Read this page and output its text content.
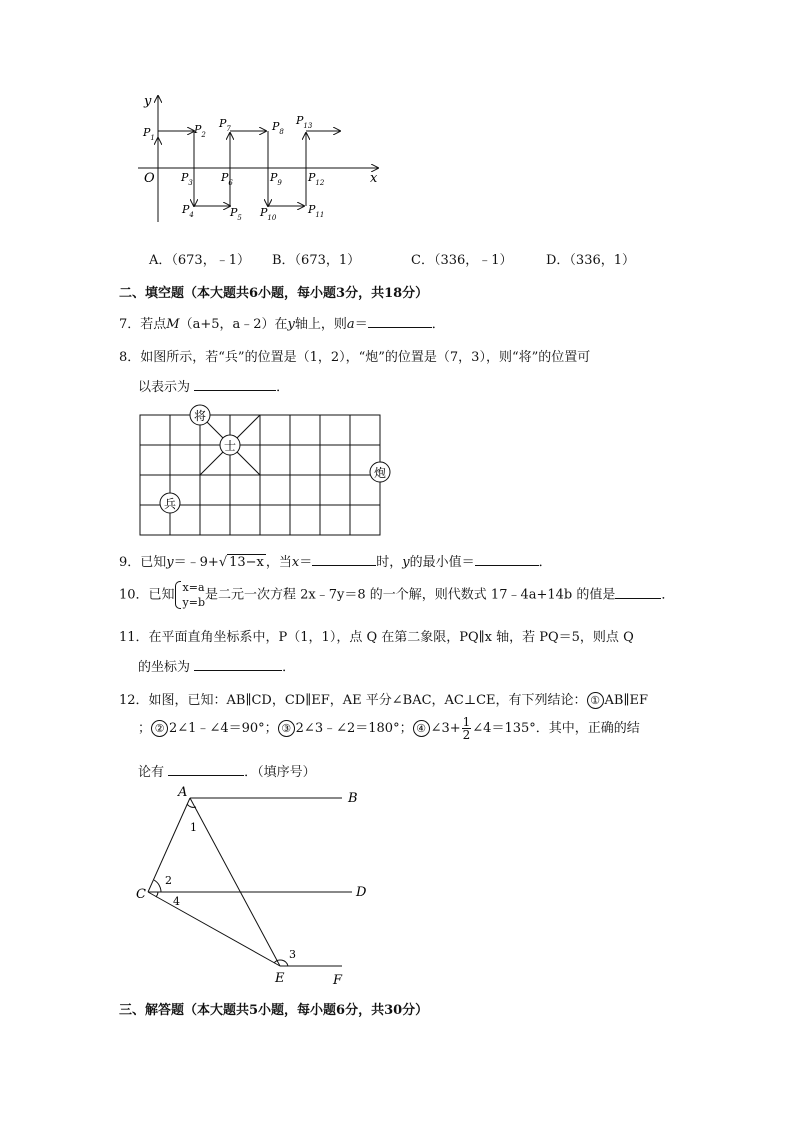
y
x
O
$P_1$
$P_2$
$P_3$
$P_4$	$P_5$
$P_6$
$P_7$	$P_8$
$P_9$
$P_{10}$
$P_{11}$
$P_{12}$
$P_{13}$
A．（673，﹣1） B．（673，1）	C．（336，﹣1）	D．（336，1）
二、填空题（本大题共6小题，每小题3分，共18分）
7．若点M（a+5，a﹣2）在y轴上，则a＝	．
8．如图所示，若“兵”的位置是（1，2），“炮”的位置是（7，3），则“将”的位置可
以表示为	．
将
士
炮
兵
9．已知y＝﹣9+√ 13−x ，当x＝	时，y的最小值＝	．
10．已知 x=a
y=b 是二元一次方程 2x﹣7y＝8 的一个解，则代数式 17﹣4a+14b 的值是	．
11．在平面直角坐标系中，P（1，1），点 Q 在第二象限，PQ∥x 轴，若 PQ＝5，则点 Q
的坐标为	．
12．如图，已知：AB∥CD，CD∥EF，AE 平分∠BAC，AC⊥CE，有下列结论： ① AB∥EF
； ② 2∠1﹣∠4＝90°； ③ 2∠3﹣∠2＝180°； ④ ∠3+ $\frac{1}{2}$ ∠4＝135°．其中，正确的结
论有	．（填序号）
A	B
C	D
E	F
1
2
3
4
三、解答题（本大题共5小题，每小题6分，共30分）
